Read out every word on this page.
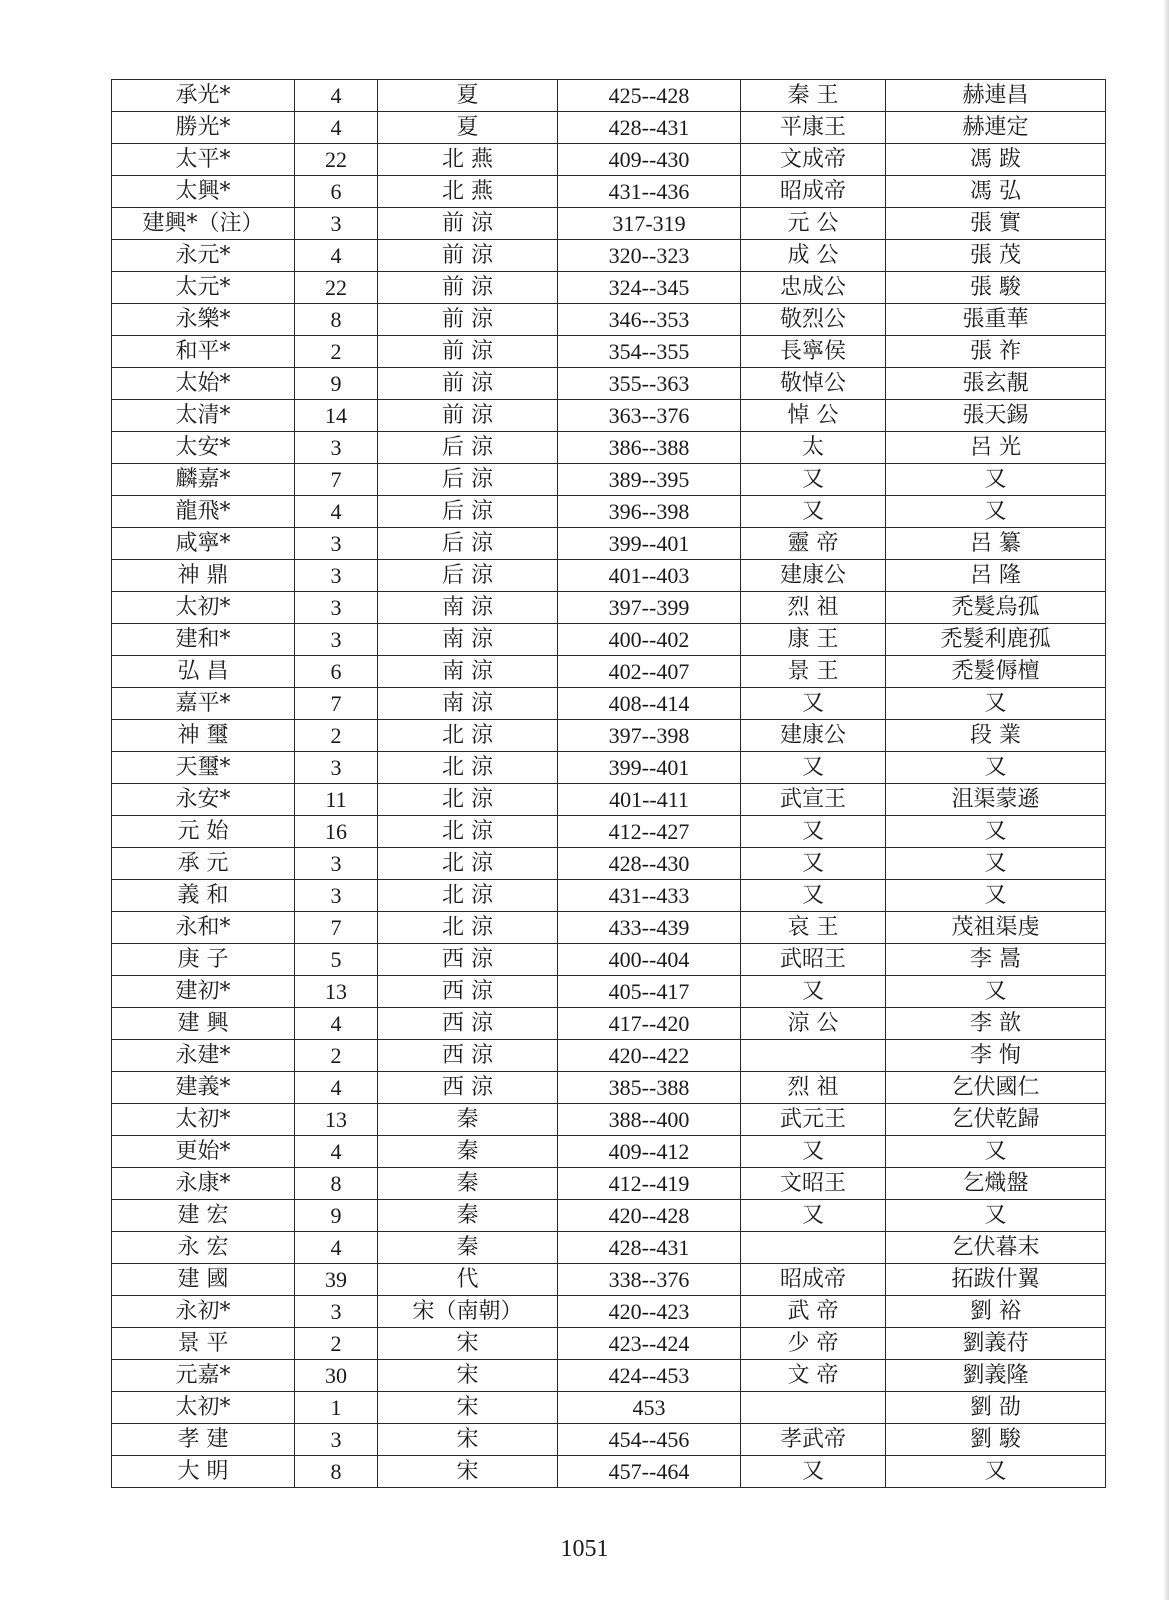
承光*	4	夏	425--428	秦 王	赫連昌
勝光*	4	夏	428--431	平康王	赫連定
太平*	22	北 燕	409--430	文成帝	馮 跋
太興*	6	北 燕	431--436	昭成帝	馮 弘
建興*（注）	3	前 涼	317-319	元 公	張 實
永元*	4	前 涼	320--323	成 公	張 茂
太元*	22	前 涼	324--345	忠成公	張 駿
永樂*	8	前 涼	346--353	敬烈公	張重華
和平*	2	前 涼	354--355	長寧侯	張 祚
太始*	9	前 涼	355--363	敬悼公	張玄靚
太清*	14	前 涼	363--376	悼 公	張天錫
太安*	3	后 涼	386--388	太	呂 光
麟嘉*	7	后 涼	389--395	又	又
龍飛*	4	后 涼	396--398	又	又
咸寧*	3	后 涼	399--401	靈 帝	呂 纂
神 鼎	3	后 涼	401--403	建康公	呂 隆
太初*	3	南 涼	397--399	烈 祖	禿髮烏孤
建和*	3	南 涼	400--402	康 王	禿髮利鹿孤
弘 昌	6	南 涼	402--407	景 王	禿髮傉檀
嘉平*	7	南 涼	408--414	又	又
神 璽	2	北 涼	397--398	建康公	段 業
天璽*	3	北 涼	399--401	又	又
永安*	11	北 涼	401--411	武宣王	沮渠蒙遜
元 始	16	北 涼	412--427	又	又
承 元	3	北 涼	428--430	又	又
義 和	3	北 涼	431--433	又	又
永和*	7	北 涼	433--439	哀 王	茂祖渠虔
庚 子	5	西 涼	400--404	武昭王	李 暠
建初*	13	西 涼	405--417	又	又
建 興	4	西 涼	417--420	涼 公	李 歆
永建*	2	西 涼	420--422		李 恂
建義*	4	西 涼	385--388	烈 祖	乞伏國仁
太初*	13	秦	388--400	武元王	乞伏乾歸
更始*	4	秦	409--412	又	又
永康*	8	秦	412--419	文昭王	乞熾盤
建 宏	9	秦	420--428	又	又
永 宏	4	秦	428--431		乞伏暮末
建 國	39	代	338--376	昭成帝	拓跋什翼
永初*	3	宋（南朝）	420--423	武 帝	劉 裕
景 平	2	宋	423--424	少 帝	劉義苻
元嘉*	30	宋	424--453	文 帝	劉義隆
太初*	1	宋	453		劉 劭
孝 建	3	宋	454--456	孝武帝	劉 駿
大 明	8	宋	457--464	又	又
1051
